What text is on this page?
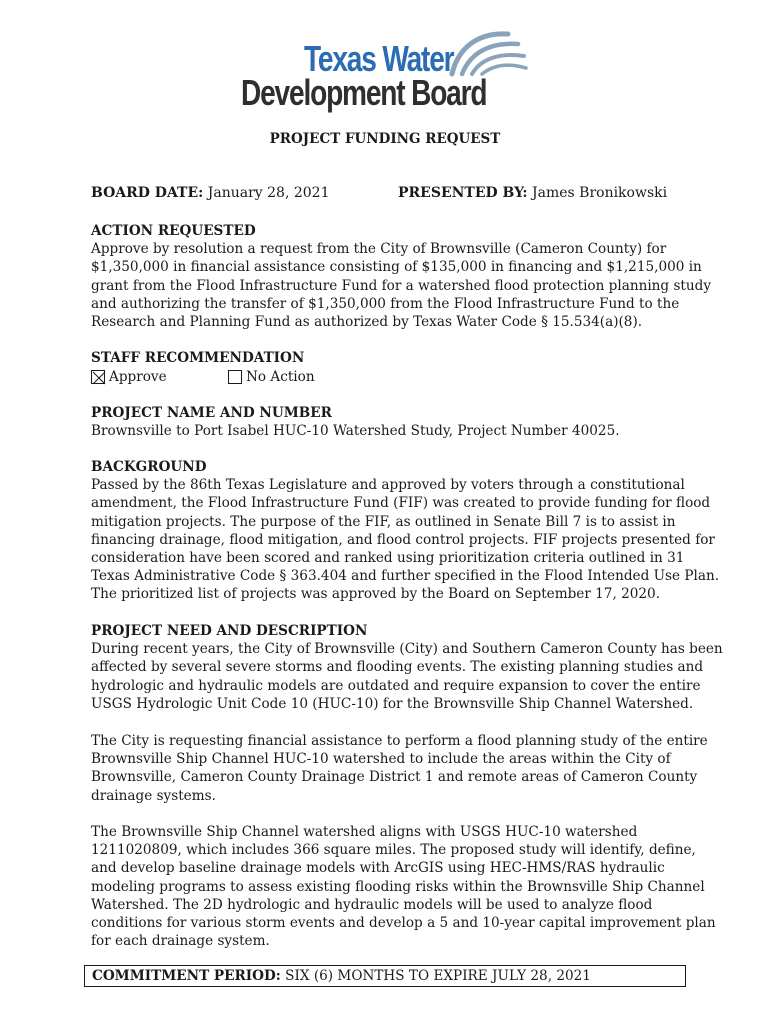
Texas Water
Development Board
PROJECT FUNDING REQUEST
BOARD DATE: January 28, 2021	PRESENTED BY: James Bronikowski
ACTION REQUESTED

Approve by resolution a request from the City of Brownsville (Cameron County) for

$1,350,000 in financial assistance consisting of $135,000 in financing and $1,215,000 in

grant from the Flood Infrastructure Fund for a watershed flood protection planning study

and authorizing the transfer of $1,350,000 from the Flood Infrastructure Fund to the

Research and Planning Fund as authorized by Texas Water Code § 15.534(a)(8).

STAFF RECOMMENDATION
Approve	No Action
PROJECT NAME AND NUMBER

Brownsville to Port Isabel HUC-10 Watershed Study, Project Number 40025.

BACKGROUND

Passed by the 86th Texas Legislature and approved by voters through a constitutional

amendment, the Flood Infrastructure Fund (FIF) was created to provide funding for flood

mitigation projects. The purpose of the FIF, as outlined in Senate Bill 7 is to assist in

financing drainage, flood mitigation, and flood control projects. FIF projects presented for

consideration have been scored and ranked using prioritization criteria outlined in 31

Texas Administrative Code § 363.404 and further specified in the Flood Intended Use Plan.

The prioritized list of projects was approved by the Board on September 17, 2020.

PROJECT NEED AND DESCRIPTION

During recent years, the City of Brownsville (City) and Southern Cameron County has been

affected by several severe storms and flooding events. The existing planning studies and

hydrologic and hydraulic models are outdated and require expansion to cover the entire

USGS Hydrologic Unit Code 10 (HUC-10) for the Brownsville Ship Channel Watershed.

The City is requesting financial assistance to perform a flood planning study of the entire

Brownsville Ship Channel HUC-10 watershed to include the areas within the City of

Brownsville, Cameron County Drainage District 1 and remote areas of Cameron County

drainage systems.

The Brownsville Ship Channel watershed aligns with USGS HUC-10 watershed

1211020809, which includes 366 square miles. The proposed study will identify, define,

and develop baseline drainage models with ArcGIS using HEC-HMS/RAS hydraulic

modeling programs to assess existing flooding risks within the Brownsville Ship Channel

Watershed. The 2D hydrologic and hydraulic models will be used to analyze flood

conditions for various storm events and develop a 5 and 10-year capital improvement plan

for each drainage system.

COMMITMENT PERIOD: SIX (6) MONTHS TO EXPIRE JULY 28, 2021
